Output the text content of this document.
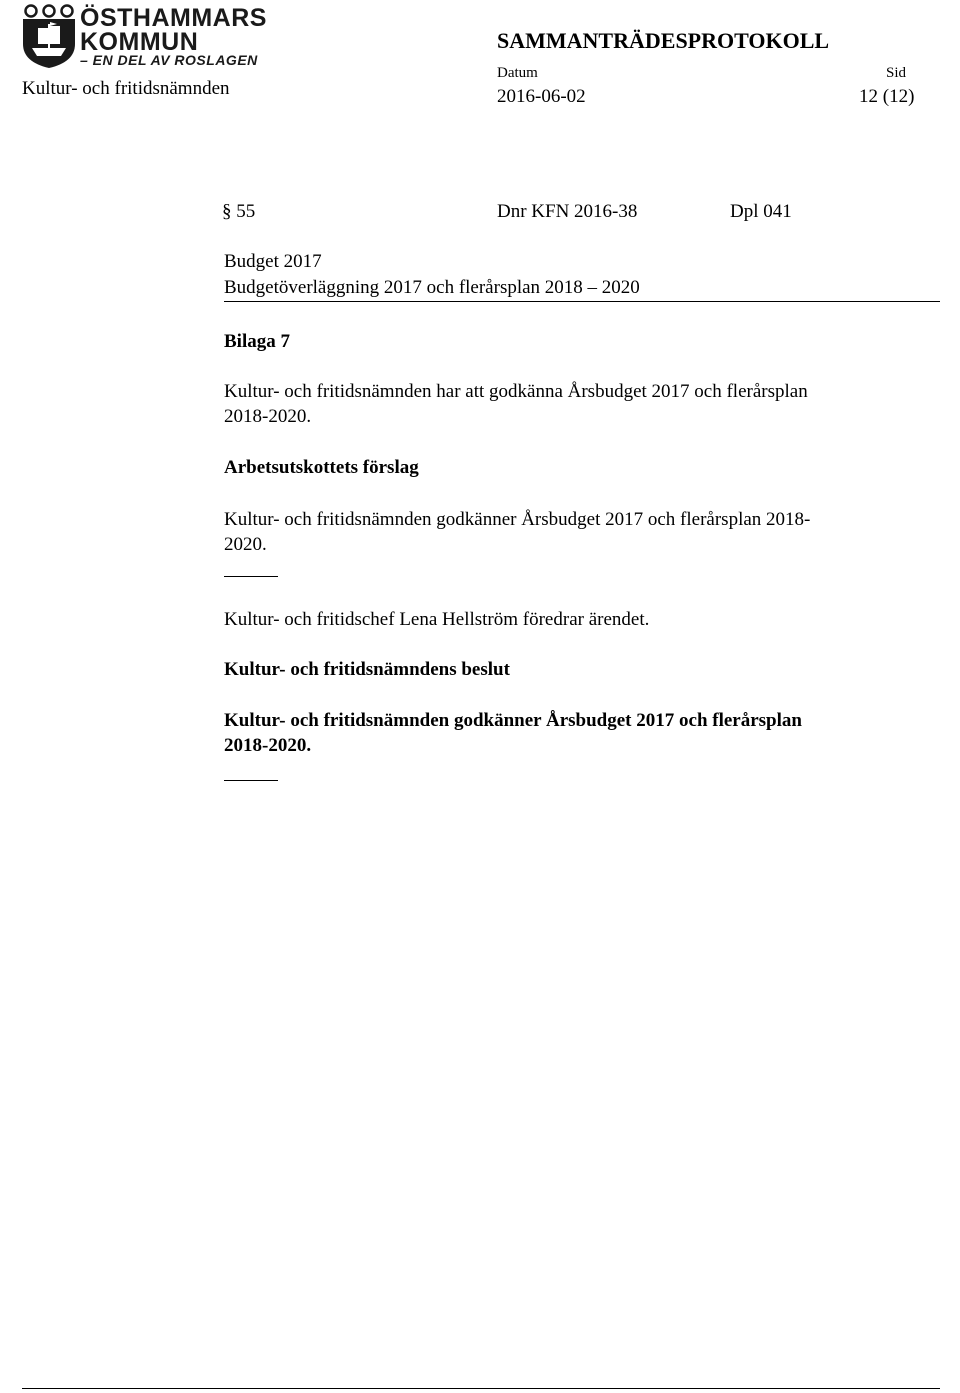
ÖSTHAMMARS
KOMMUN
– EN DEL AV ROSLAGEN
Kultur- och fritidsnämnden
SAMMANTRÄDESPROTOKOLL
Datum
2016-06-02
Sid
12 (12)
§ 55	Dnr KFN 2016-38	Dpl 041
Budget 2017
Budgetöverläggning 2017 och flerårsplan 2018 – 2020
Bilaga 7
Kultur- och fritidsnämnden har att godkänna Årsbudget 2017 och flerårsplan
2018-2020.
Arbetsutskottets förslag
Kultur- och fritidsnämnden godkänner Årsbudget 2017 och flerårsplan 2018-
2020.
Kultur- och fritidschef Lena Hellström föredrar ärendet.
Kultur- och fritidsnämndens beslut
Kultur- och fritidsnämnden godkänner Årsbudget 2017 och flerårsplan
2018-2020.
